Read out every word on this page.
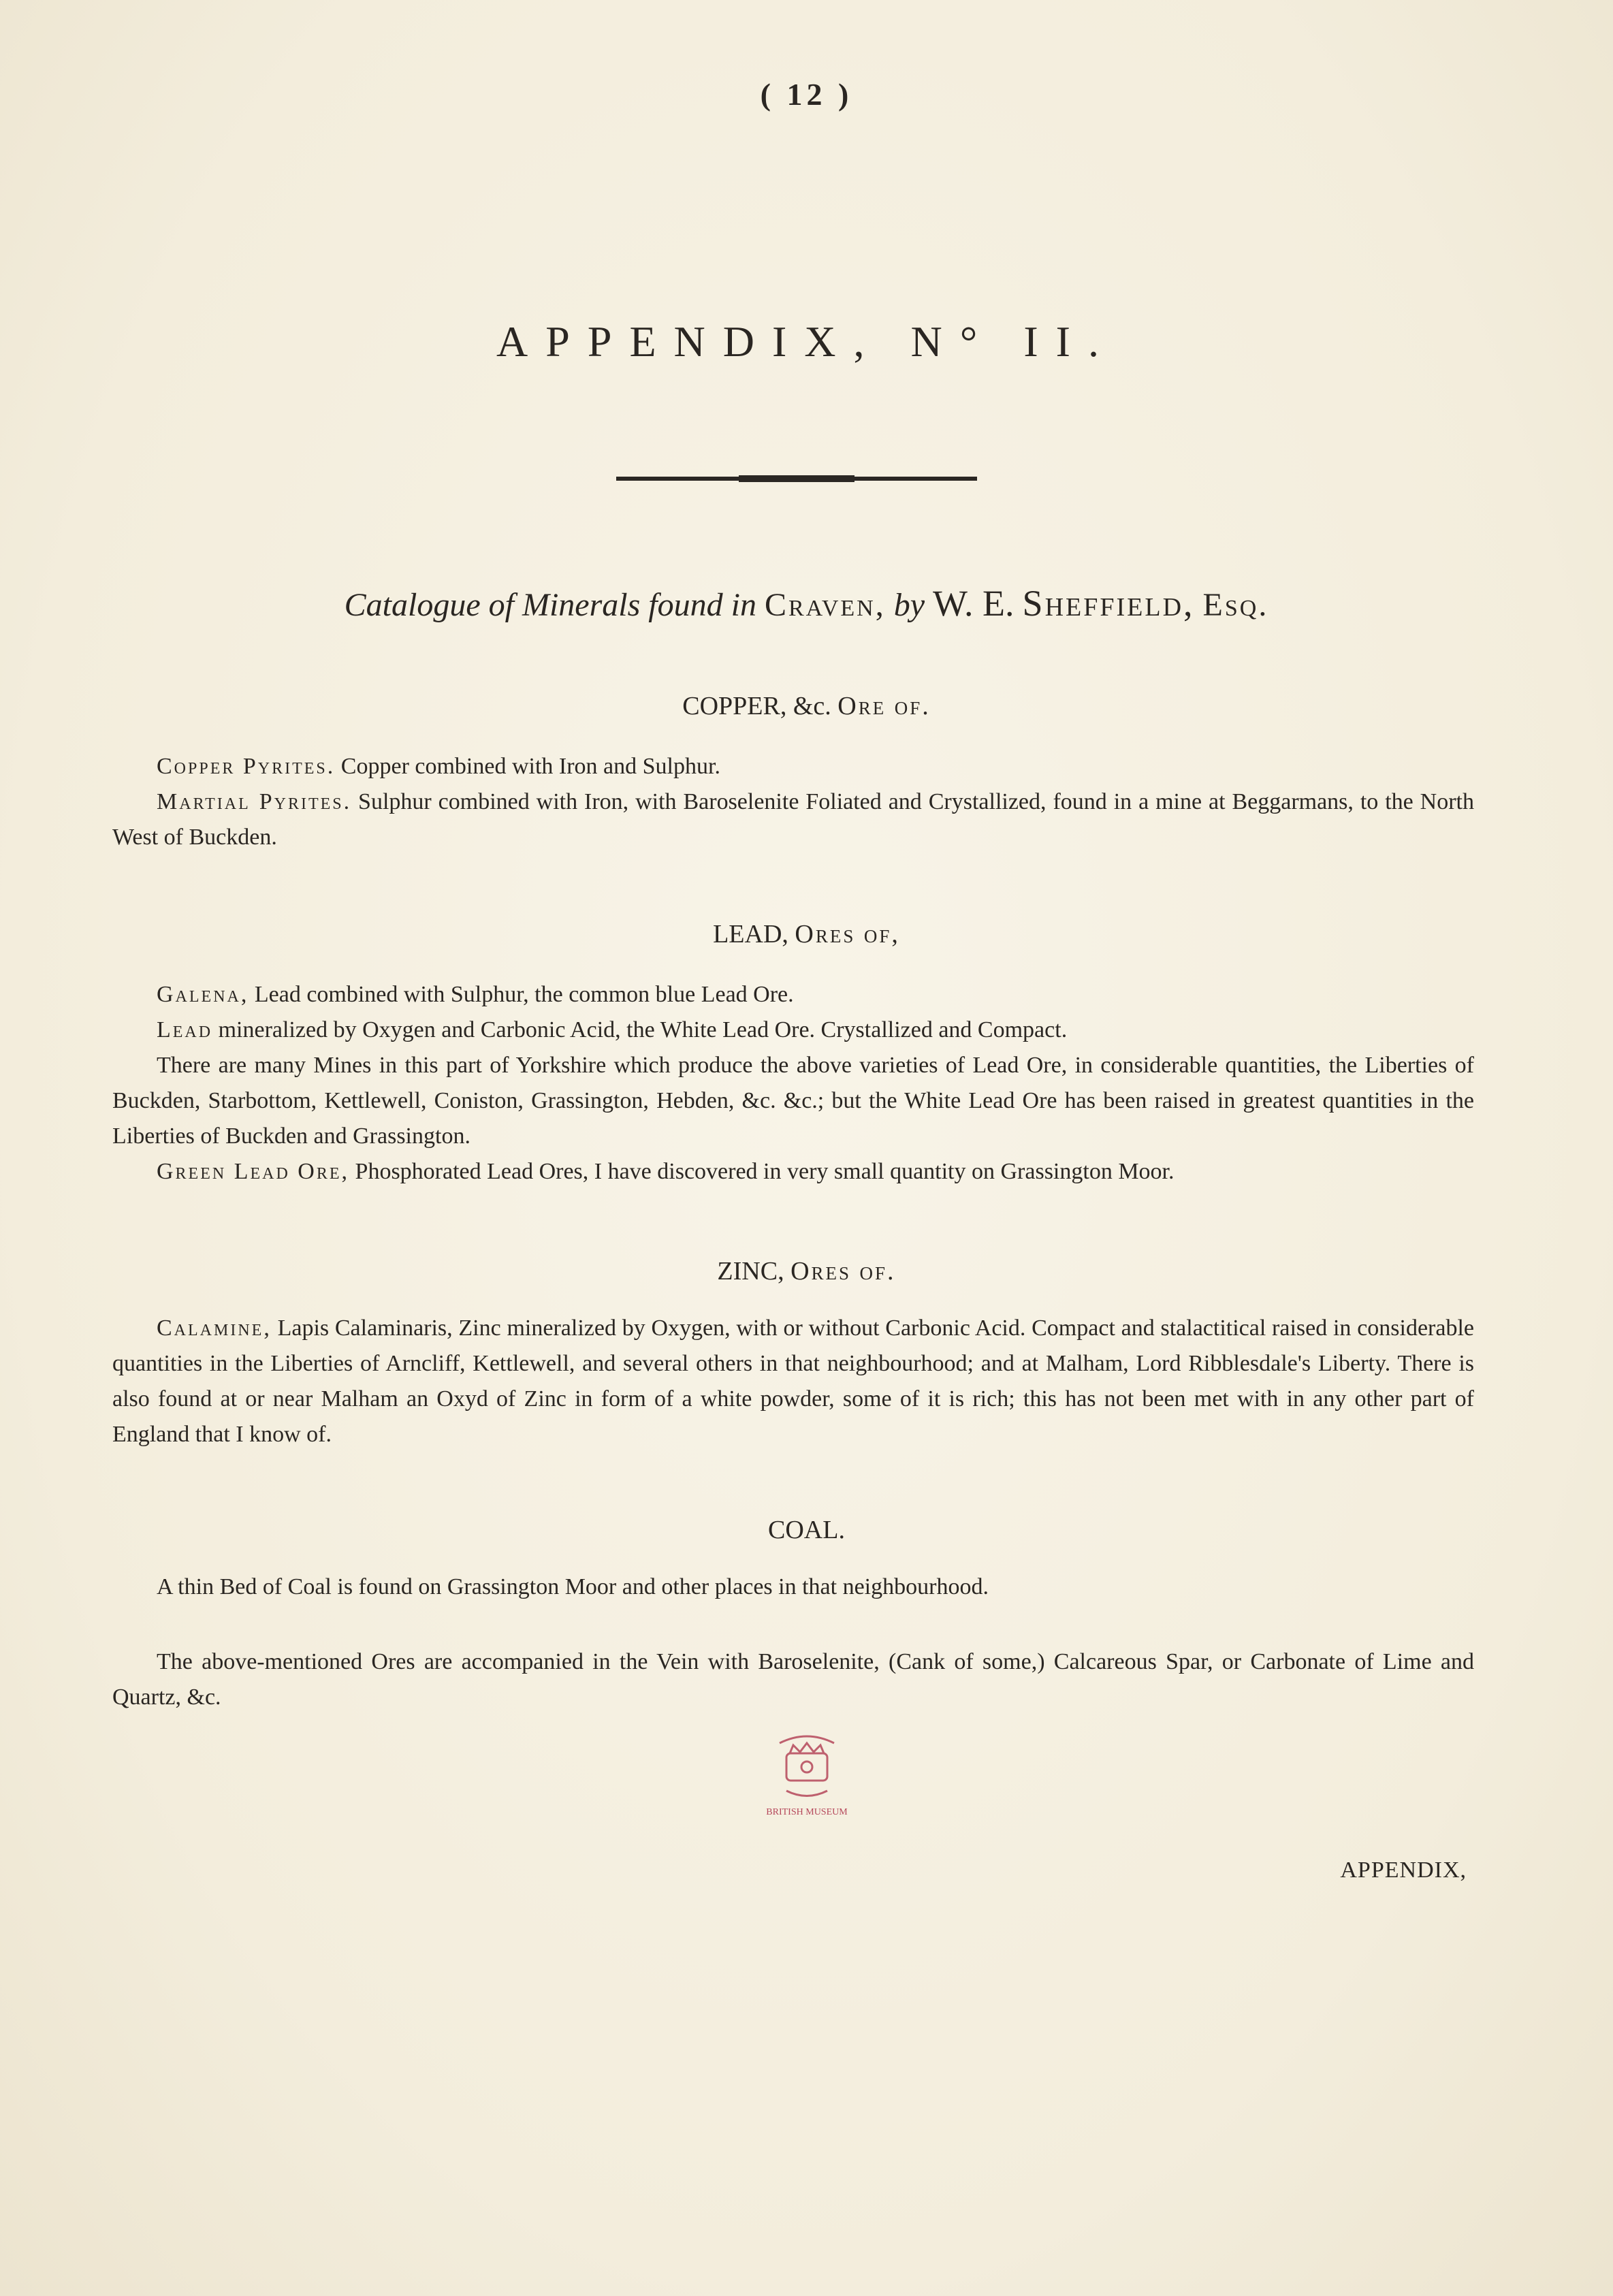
( 12 )
APPENDIX, N° II.
Catalogue of Minerals found in Craven, by W. E. Sheffield, Esq.
COPPER, &c. Ore of.

Copper Pyrites. Copper combined with Iron and Sulphur.

Martial Pyrites. Sulphur combined with Iron, with Baroselenite Foliated and Crystallized, found in a mine at Beggarmans, to the North West of Buckden.

LEAD, Ores of,

Galena, Lead combined with Sulphur, the common blue Lead Ore.

Lead mineralized by Oxygen and Carbonic Acid, the White Lead Ore. Crystallized and Compact.

There are many Mines in this part of Yorkshire which produce the above varieties of Lead Ore, in considerable quantities, the Liberties of Buckden, Starbottom, Kettlewell, Coniston, Grassington, Hebden, &c. &c.; but the White Lead Ore has been raised in greatest quantities in the Liberties of Buckden and Grassington.

Green Lead Ore, Phosphorated Lead Ores, I have discovered in very small quantity on Grassington Moor.

ZINC, Ores of.

Calamine, Lapis Calaminaris, Zinc mineralized by Oxygen, with or without Carbonic Acid. Compact and stalactitical raised in considerable quantities in the Liberties of Arncliff, Kettlewell, and several others in that neighbourhood; and at Malham, Lord Ribblesdale's Liberty. There is also found at or near Malham an Oxyd of Zinc in form of a white powder, some of it is rich; this has not been met with in any other part of England that I know of.

COAL.

A thin Bed of Coal is found on Grassington Moor and other places in that neighbourhood.

The above-mentioned Ores are accompanied in the Vein with Baroselenite, (Cank of some,) Calcareous Spar, or Carbonate of Lime and Quartz, &c.

BRITISH MUSEUM
APPENDIX,
